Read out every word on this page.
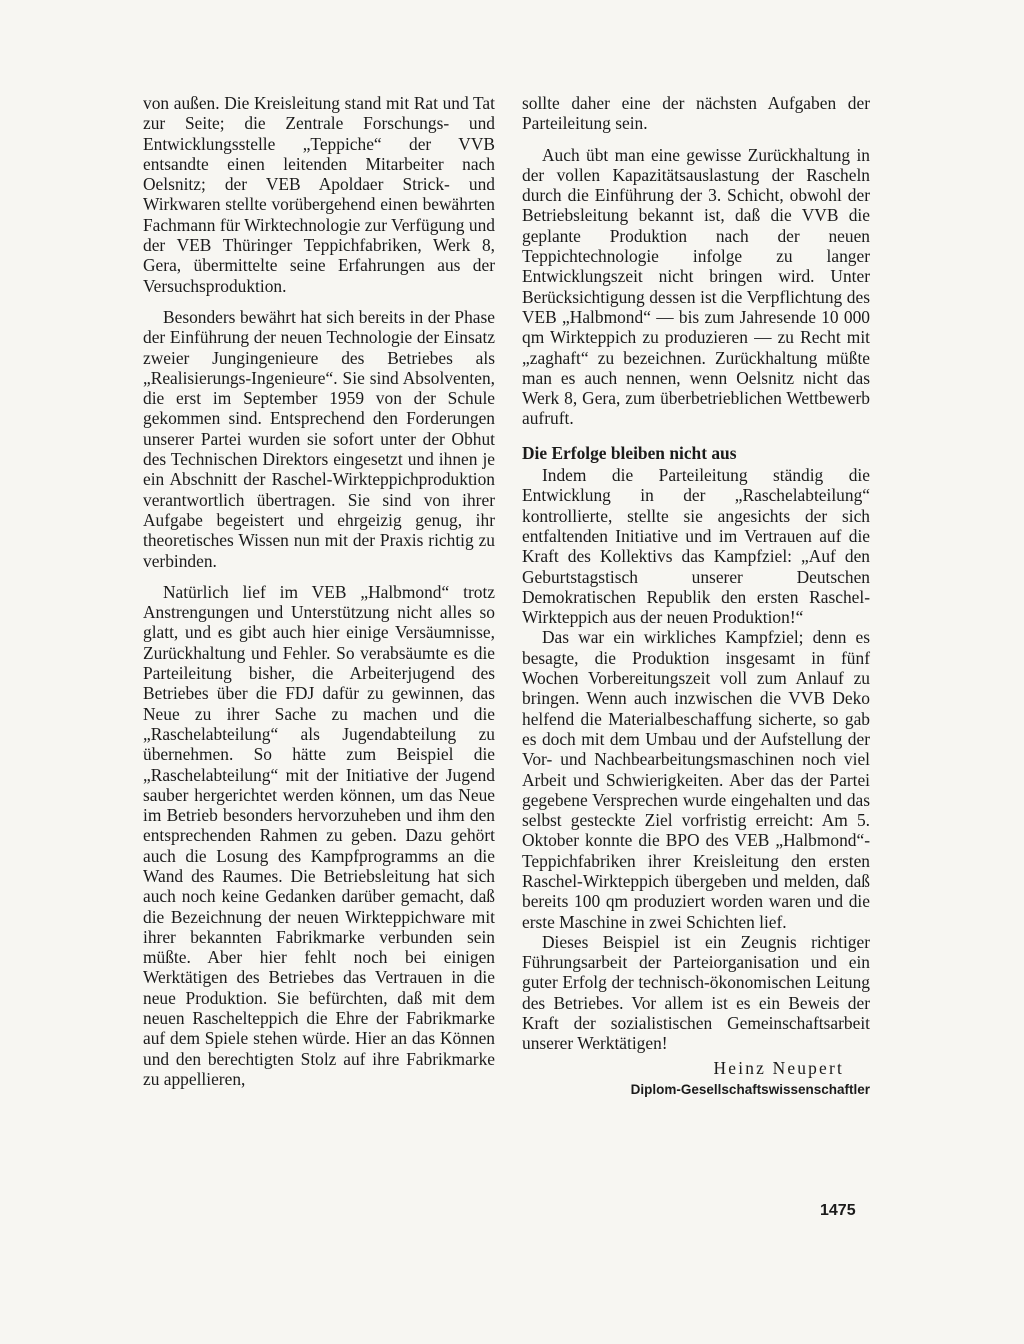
von außen. Die Kreisleitung stand mit Rat und Tat zur Seite; die Zentrale Forschungs- und Entwicklungsstelle „Teppiche“ der VVB entsandte einen leitenden Mitarbeiter nach Oelsnitz; der VEB Apoldaer Strick- und Wirkwaren stellte vorübergehend einen bewährten Fachmann für Wirktechnologie zur Verfügung und der VEB Thüringer Teppichfabriken, Werk 8, Gera, übermittelte seine Erfahrungen aus der Versuchsproduktion.

Besonders bewährt hat sich bereits in der Phase der Einführung der neuen Technologie der Einsatz zweier Jungingenieure des Betriebes als „Realisierungs-Ingenieure“. Sie sind Absolventen, die erst im September 1959 von der Schule gekommen sind. Entsprechend den Forderungen unserer Partei wurden sie sofort unter der Obhut des Technischen Direktors eingesetzt und ihnen je ein Abschnitt der Raschel-Wirkteppichproduktion verantwortlich übertragen. Sie sind von ihrer Aufgabe begeistert und ehrgeizig genug, ihr theoretisches Wissen nun mit der Praxis richtig zu verbinden.

Natürlich lief im VEB „Halbmond“ trotz Anstrengungen und Unterstützung nicht alles so glatt, und es gibt auch hier einige Versäumnisse, Zurückhaltung und Fehler. So verabsäumte es die Parteileitung bisher, die Arbeiterjugend des Betriebes über die FDJ dafür zu gewinnen, das Neue zu ihrer Sache zu machen und die „Raschelabteilung“ als Jugendabteilung zu übernehmen. So hätte zum Beispiel die „Raschelabteilung“ mit der Initiative der Jugend sauber hergerichtet werden können, um das Neue im Betrieb besonders hervorzuheben und ihm den entsprechenden Rahmen zu geben. Dazu gehört auch die Losung des Kampfprogramms an die Wand des Raumes. Die Betriebsleitung hat sich auch noch keine Gedanken darüber gemacht, daß die Bezeichnung der neuen Wirkteppichware mit ihrer bekannten Fabrikmarke verbunden sein müßte. Aber hier fehlt noch bei einigen Werktätigen des Betriebes das Vertrauen in die neue Produktion. Sie befürchten, daß mit dem neuen Raschelteppich die Ehre der Fabrikmarke auf dem Spiele stehen würde. Hier an das Können und den berechtigten Stolz auf ihre Fabrikmarke zu appellieren,

sollte daher eine der nächsten Aufgaben der Parteileitung sein.

Auch übt man eine gewisse Zurückhaltung in der vollen Kapazitätsauslastung der Rascheln durch die Einführung der 3. Schicht, obwohl der Betriebsleitung bekannt ist, daß die VVB die geplante Produktion nach der neuen Teppichtechnologie infolge zu langer Entwicklungszeit nicht bringen wird. Unter Berücksichtigung dessen ist die Verpflichtung des VEB „Halbmond“ — bis zum Jahresende 10 000 qm Wirkteppich zu produzieren — zu Recht mit „zaghaft“ zu bezeichnen. Zurückhaltung müßte man es auch nennen, wenn Oelsnitz nicht das Werk 8, Gera, zum überbetrieblichen Wettbewerb aufruft.

Die Erfolge bleiben nicht aus

Indem die Parteileitung ständig die Entwicklung in der „Raschelabteilung“ kontrollierte, stellte sie angesichts der sich entfaltenden Initiative und im Vertrauen auf die Kraft des Kollektivs das Kampfziel: „Auf den Geburtstagstisch unserer Deutschen Demokratischen Republik den ersten Raschel-Wirkteppich aus der neuen Produktion!“

Das war ein wirkliches Kampfziel; denn es besagte, die Produktion insgesamt in fünf Wochen Vorbereitungszeit voll zum Anlauf zu bringen. Wenn auch inzwischen die VVB Deko helfend die Materialbeschaffung sicherte, so gab es doch mit dem Umbau und der Aufstellung der Vor- und Nachbearbeitungsmaschinen noch viel Arbeit und Schwierigkeiten. Aber das der Partei gegebene Versprechen wurde eingehalten und das selbst gesteckte Ziel vorfristig erreicht: Am 5. Oktober konnte die BPO des VEB „Halbmond“-Teppichfabriken ihrer Kreisleitung den ersten Raschel-Wirkteppich übergeben und melden, daß bereits 100 qm produziert worden waren und die erste Maschine in zwei Schichten lief.

Dieses Beispiel ist ein Zeugnis richtiger Führungsarbeit der Parteiorganisation und ein guter Erfolg der technisch-ökonomischen Leitung des Betriebes. Vor allem ist es ein Beweis der Kraft der sozialistischen Gemeinschaftsarbeit unserer Werktätigen!

Heinz Neupert
Diplom-Gesellschaftswissenschaftler
1475
